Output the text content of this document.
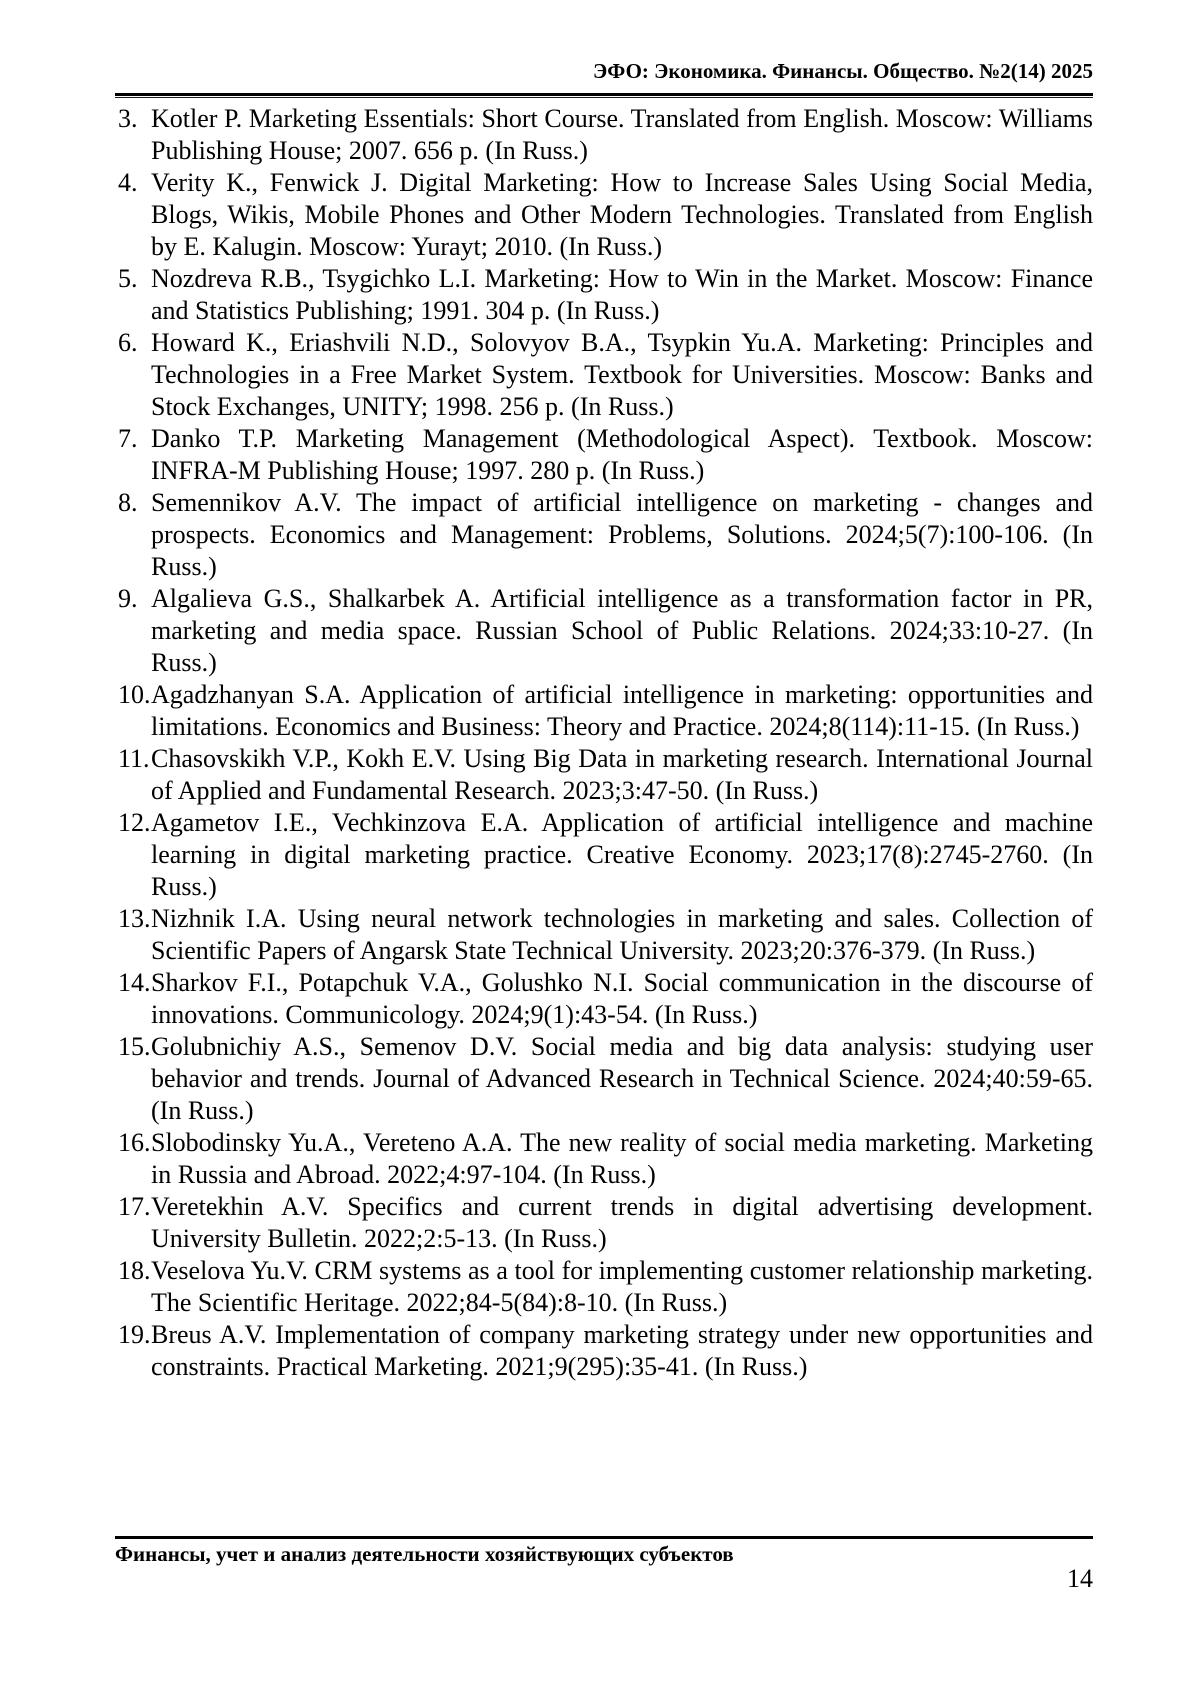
ЭФО: Экономика. Финансы. Общество. №2(14) 2025
3. Kotler P. Marketing Essentials: Short Course. Translated from English. Moscow: Williams Publishing House; 2007. 656 p. (In Russ.)
4. Verity K., Fenwick J. Digital Marketing: How to Increase Sales Using Social Media, Blogs, Wikis, Mobile Phones and Other Modern Technologies. Translated from English by E. Kalugin. Moscow: Yurayt; 2010. (In Russ.)
5. Nozdreva R.B., Tsygichko L.I. Marketing: How to Win in the Market. Moscow: Finance and Statistics Publishing; 1991. 304 p. (In Russ.)
6. Howard K., Eriashvili N.D., Solovyov B.A., Tsypkin Yu.A. Marketing: Principles and Technologies in a Free Market System. Textbook for Universities. Moscow: Banks and Stock Exchanges, UNITY; 1998. 256 p. (In Russ.)
7. Danko T.P. Marketing Management (Methodological Aspect). Textbook. Moscow: INFRA-M Publishing House; 1997. 280 p. (In Russ.)
8. Semennikov A.V. The impact of artificial intelligence on marketing - changes and prospects. Economics and Management: Problems, Solutions. 2024;5(7):100-106. (In Russ.)
9. Algalieva G.S., Shalkarbek A. Artificial intelligence as a transformation factor in PR, marketing and media space. Russian School of Public Relations. 2024;33:10-27. (In Russ.)
10.Agadzhanyan S.A. Application of artificial intelligence in marketing: opportunities and limitations. Economics and Business: Theory and Practice. 2024;8(114):11-15. (In Russ.)
11.Chasovskikh V.P., Kokh E.V. Using Big Data in marketing research. International Journal of Applied and Fundamental Research. 2023;3:47-50. (In Russ.)
12.Agametov I.E., Vechkinzova E.A. Application of artificial intelligence and machine learning in digital marketing practice. Creative Economy. 2023;17(8):2745-2760. (In Russ.)
13.Nizhnik I.A. Using neural network technologies in marketing and sales. Collection of Scientific Papers of Angarsk State Technical University. 2023;20:376-379. (In Russ.)
14.Sharkov F.I., Potapchuk V.A., Golushko N.I. Social communication in the discourse of innovations. Communicology. 2024;9(1):43-54. (In Russ.)
15.Golubnichiy A.S., Semenov D.V. Social media and big data analysis: studying user behavior and trends. Journal of Advanced Research in Technical Science. 2024;40:59-65. (In Russ.)
16.Slobodinsky Yu.A., Vereteno A.A. The new reality of social media marketing. Marketing in Russia and Abroad. 2022;4:97-104. (In Russ.)
17.Veretekhin A.V. Specifics and current trends in digital advertising development. University Bulletin. 2022;2:5-13. (In Russ.)
18.Veselova Yu.V. CRM systems as a tool for implementing customer relationship marketing. The Scientific Heritage. 2022;84-5(84):8-10. (In Russ.)
19.Breus A.V. Implementation of company marketing strategy under new opportunities and constraints. Practical Marketing. 2021;9(295):35-41. (In Russ.)
Финансы, учет и анализ деятельности хозяйствующих субъектов
14
